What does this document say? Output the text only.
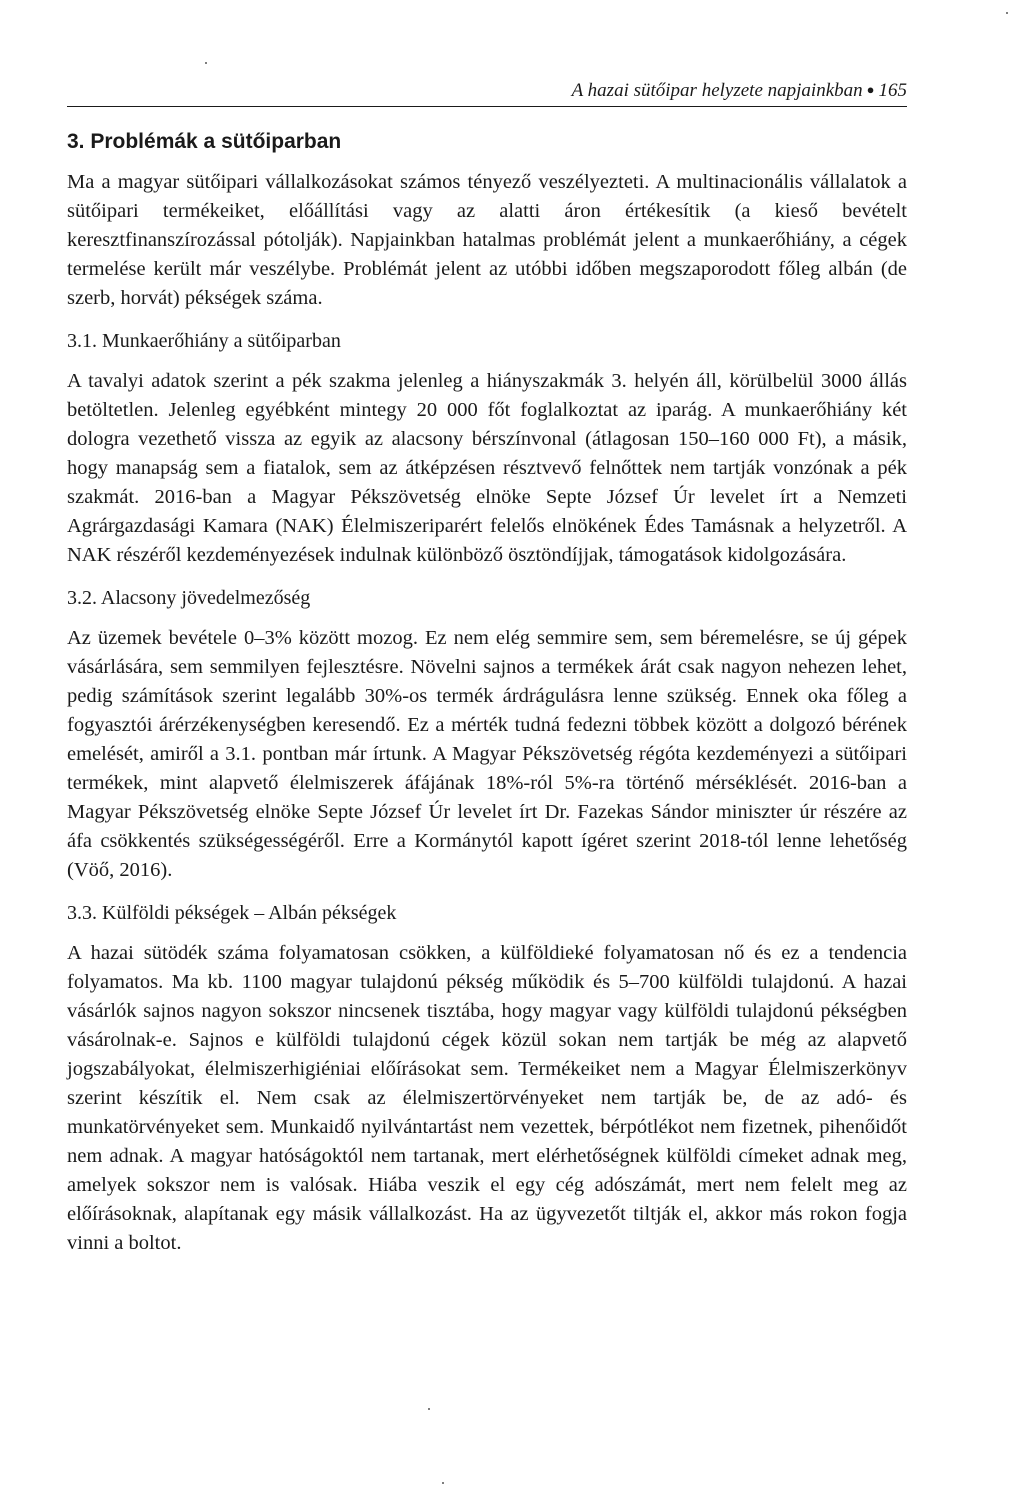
A hazai sütőipar helyzete napjainkban ● 165
3. Problémák a sütőiparban

Ma a magyar sütőipari vállalkozásokat számos tényező veszélyezteti. A multinacionális vállalatok a sütőipari termékeiket, előállítási vagy az alatti áron értékesítik (a kieső bevételt keresztfinanszírozással pótolják). Napjainkban hatalmas problémát jelent a munkaerőhiány, a cégek termelése került már veszélybe. Problémát jelent az utóbbi időben megszaporodott főleg albán (de szerb, horvát) pékségek száma.

3.1. Munkaerőhiány a sütőiparban

A tavalyi adatok szerint a pék szakma jelenleg a hiányszakmák 3. helyén áll, körülbelül 3000 állás betöltetlen. Jelenleg egyébként mintegy 20 000 főt foglalkoztat az iparág. A munkaerőhiány két dologra vezethető vissza az egyik az alacsony bérszínvonal (átlagosan 150–160 000 Ft), a másik, hogy manapság sem a fiatalok, sem az átképzésen résztvevő felnőttek nem tartják vonzónak a pék szakmát. 2016-ban a Magyar Pékszövetség elnöke Septe József Úr levelet írt a Nemzeti Agrárgazdasági Kamara (NAK) Élelmiszeriparért felelős elnökének Édes Tamásnak a helyzetről. A NAK részéről kezdeményezések indulnak különböző ösztöndíjjak, támogatások kidolgozására.

3.2. Alacsony jövedelmezőség

Az üzemek bevétele 0–3% között mozog. Ez nem elég semmire sem, sem béremelésre, se új gépek vásárlására, sem semmilyen fejlesztésre. Növelni sajnos a termékek árát csak nagyon nehezen lehet, pedig számítások szerint legalább 30%-os termék árdrágulásra lenne szükség. Ennek oka főleg a fogyasztói árérzékenységben keresendő. Ez a mérték tudná fedezni többek között a dolgozó bérének emelését, amiről a 3.1. pontban már írtunk. A Magyar Pékszövetség régóta kezdeményezi a sütőipari termékek, mint alapvető élelmiszerek áfájának 18%-ról 5%-ra történő mérséklését. 2016-ban a Magyar Pékszövetség elnöke Septe József Úr levelet írt Dr. Fazekas Sándor miniszter úr részére az áfa csökkentés szükségességéről. Erre a Kormánytól kapott ígéret szerint 2018-tól lenne lehetőség (Vöő, 2016).

3.3. Külföldi pékségek – Albán pékségek

A hazai sütödék száma folyamatosan csökken, a külföldieké folyamatosan nő és ez a tendencia folyamatos. Ma kb. 1100 magyar tulajdonú pékség működik és 5–700 külföldi tulajdonú. A hazai vásárlók sajnos nagyon sokszor nincsenek tisztába, hogy magyar vagy külföldi tulajdonú pékségben vásárolnak-e. Sajnos e külföldi tulajdonú cégek közül sokan nem tartják be még az alapvető jogszabályokat, élelmiszerhigiéniai előírásokat sem. Termékeiket nem a Magyar Élelmiszerkönyv szerint készítik el. Nem csak az élelmiszertörvényeket nem tartják be, de az adó- és munkatörvényeket sem. Munkaidő nyilvántartást nem vezettek, bérpótlékot nem fizetnek, pihenőidőt nem adnak. A magyar hatóságoktól nem tartanak, mert elérhetőségnek külföldi címeket adnak meg, amelyek sokszor nem is valósak. Hiába veszik el egy cég adószámát, mert nem felelt meg az előírásoknak, alapítanak egy másik vállalkozást. Ha az ügyvezetőt tiltják el, akkor más rokon fogja vinni a boltot.
